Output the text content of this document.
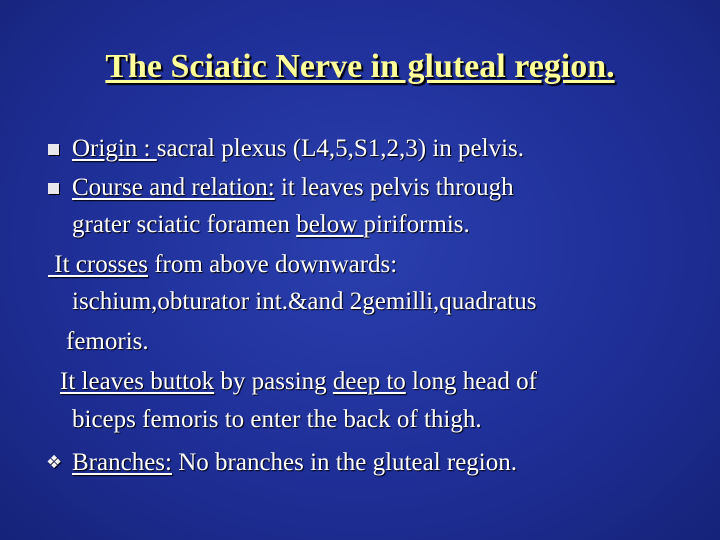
The Sciatic Nerve in gluteal region.
Origin : sacral plexus (L4,5,S1,2,3) in pelvis.
Course and relation: it leaves pelvis through
grater sciatic foramen below piriformis.
It crosses from above downwards:
ischium,obturator int.&and 2gemilli,quadratus
femoris.
It leaves buttok by passing deep to long head of
biceps femoris to enter the back of thigh.
❖ Branches: No branches in the gluteal region.
